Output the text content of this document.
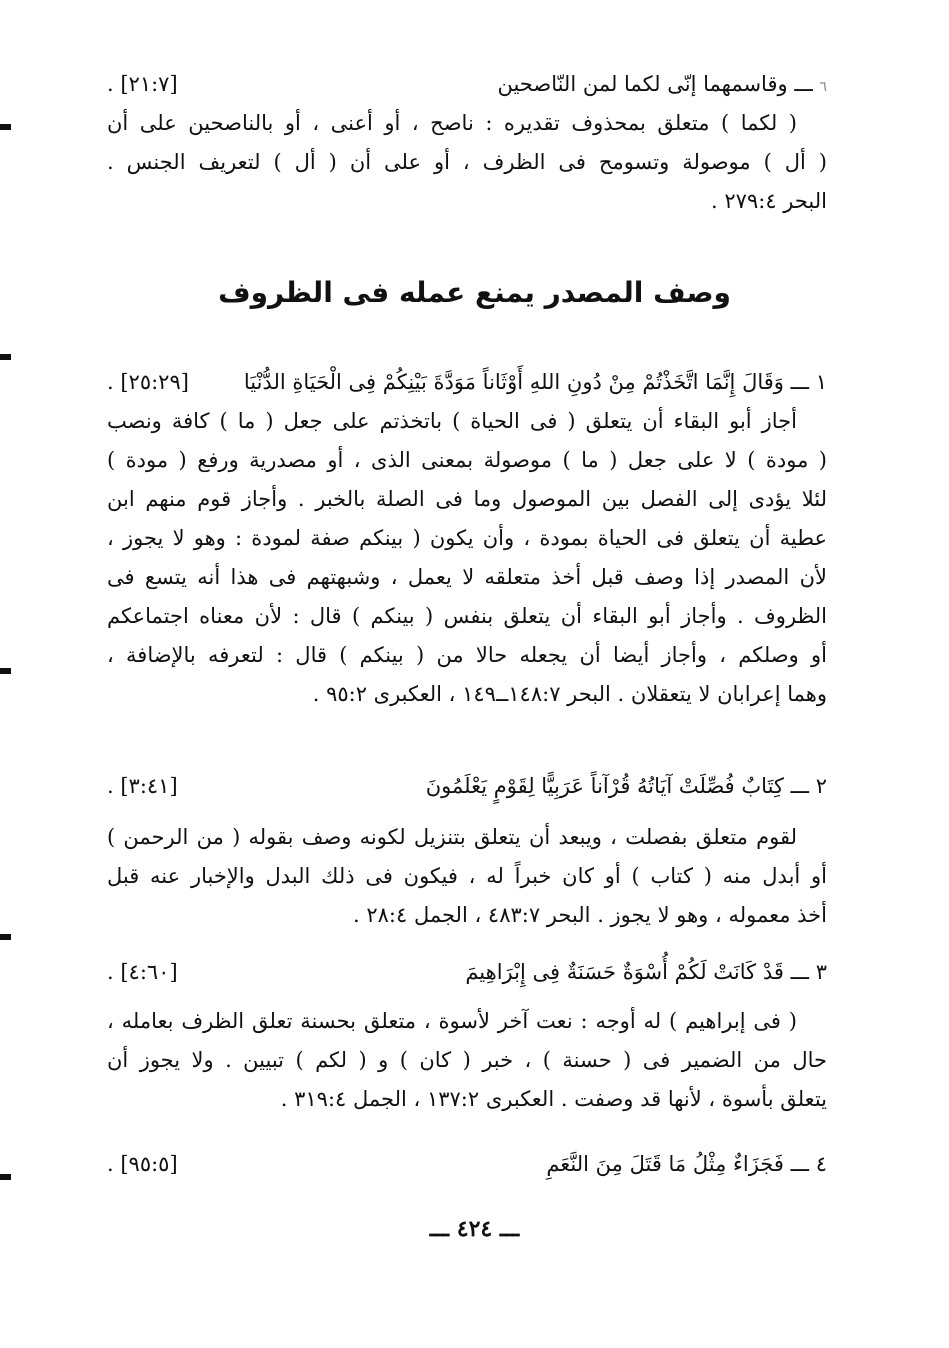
٦ ـــ وقاسمهما إنّى لكما لمن النّاصحين
[٢١:٧] .
( لكما ) متعلق بمحذوف تقديره : ناصح ، أو أعنى ، أو بالناصحين على أن
( أل ) موصولة وتسومح فى الظرف ، أو على أن ( أل ) لتعريف الجنس .
البحر ٢٧٩:٤ .
وصف المصدر يمنع عمله فى الظروف
١ ـــ وَقَالَ إِنَّمَا اتَّخَذْتُمْ مِنْ دُونِ اللهِ أَوْثَاناً مَوَدَّةَ بَيْنِكُمْ فِى الْحَيَاةِ الدُّنْيَا
[٢٥:٢٩] .
أجاز أبو البقاء أن يتعلق ( فى الحياة ) باتخذتم على جعل ( ما ) كافة ونصب
( مودة ) لا على جعل ( ما ) موصولة بمعنى الذى ، أو مصدرية ورفع ( مودة )
لئلا يؤدى إلى الفصل بين الموصول وما فى الصلة بالخبر . وأجاز قوم منهم ابن
عطية أن يتعلق فى الحياة بمودة ، وأن يكون ( بينكم صفة لمودة : وهو لا يجوز ،
لأن المصدر إذا وصف قبل أخذ متعلقه لا يعمل ، وشبهتهم فى هذا أنه يتسع فى
الظروف . وأجاز أبو البقاء أن يتعلق بنفس ( بينكم ) قال : لأن معناه اجتماعكم
أو وصلكم ، وأجاز أيضا أن يجعله حالا من ( بينكم ) قال : لتعرفه بالإضافة ،
وهما إعرابان لا يتعقلان . البحر ١٤٨:٧ــ١٤٩ ، العكبرى ٩٥:٢ .
٢ ـــ كِتَابٌ فُصِّلَتْ آيَاتُهُ قُرْآناً عَرَبِيًّا لِقَوْمٍ يَعْلَمُونَ
[٣:٤١] .
لقوم متعلق بفصلت ، ويبعد أن يتعلق بتنزيل لكونه وصف بقوله ( من الرحمن )
أو أبدل منه ( كتاب ) أو كان خبراً له ، فيكون فى ذلك البدل والإخبار عنه قبل
أخذ معموله ، وهو لا يجوز . البحر ٤٨٣:٧ ، الجمل ٢٨:٤ .
٣ ـــ قَدْ كَانَتْ لَكُمْ أُسْوَةٌ حَسَنَةٌ فِى إِبْرَاهِيمَ
[٤:٦٠] .
( فى إبراهيم ) له أوجه : نعت آخر لأسوة ، متعلق بحسنة تعلق الظرف بعامله ،
حال من الضمير فى ( حسنة ) ، خبر ( كان ) و ( لكم ) تبيين . ولا يجوز أن
يتعلق بأسوة ، لأنها قد وصفت . العكبرى ١٣٧:٢ ، الجمل ٣١٩:٤ .
٤ ـــ فَجَزَاءٌ مِثْلُ مَا قَتَلَ مِنَ النَّعَمِ
[٩٥:٥] .
ـــ ٤٢٤ ـــ
